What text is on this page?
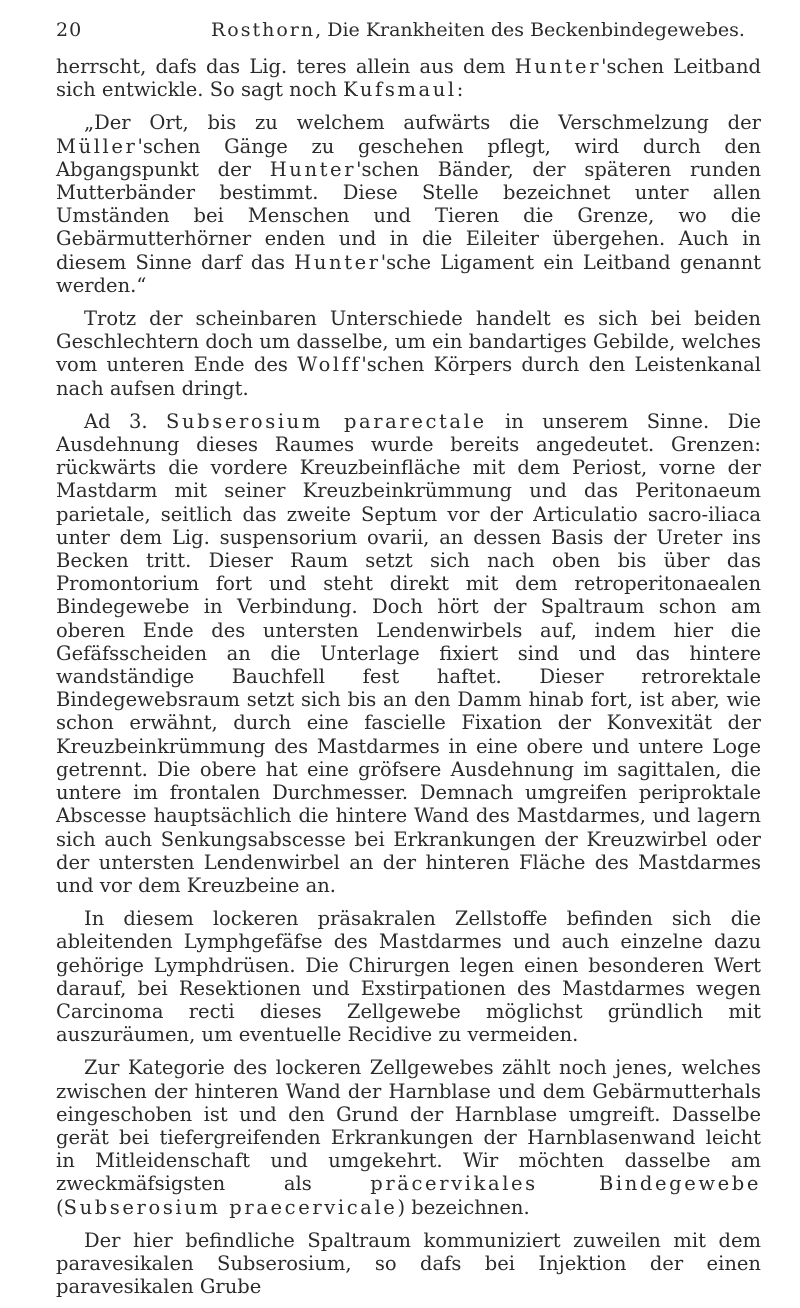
20	Rosthorn, Die Krankheiten des Beckenbindegewebes.

herrscht, dafs das Lig. teres allein aus dem Hunter'schen Leitband sich entwickle. So sagt noch Kufsmaul:

„Der Ort, bis zu welchem aufwärts die Verschmelzung der Müller'schen Gänge zu geschehen pflegt, wird durch den Abgangspunkt der Hunter'schen Bänder, der späteren runden Mutterbänder bestimmt. Diese Stelle bezeichnet unter allen Umständen bei Menschen und Tieren die Grenze, wo die Gebärmutterhörner enden und in die Eileiter übergehen. Auch in diesem Sinne darf das Hunter'sche Ligament ein Leitband genannt werden.“

Trotz der scheinbaren Unterschiede handelt es sich bei beiden Geschlechtern doch um dasselbe, um ein bandartiges Gebilde, welches vom unteren Ende des Wolff'schen Körpers durch den Leistenkanal nach aufsen dringt.

Ad 3. Subserosium pararectale in unserem Sinne. Die Ausdehnung dieses Raumes wurde bereits angedeutet. Grenzen: rückwärts die vordere Kreuzbeinfläche mit dem Periost, vorne der Mastdarm mit seiner Kreuzbeinkrümmung und das Peritonaeum parietale, seitlich das zweite Septum vor der Articulatio sacro-iliaca unter dem Lig. suspensorium ovarii, an dessen Basis der Ureter ins Becken tritt. Dieser Raum setzt sich nach oben bis über das Promontorium fort und steht direkt mit dem retroperitonaealen Bindegewebe in Verbindung. Doch hört der Spaltraum schon am oberen Ende des untersten Lendenwirbels auf, indem hier die Gefäfsscheiden an die Unterlage fixiert sind und das hintere wandständige Bauchfell fest haftet. Dieser retrorektale Bindegewebsraum setzt sich bis an den Damm hinab fort, ist aber, wie schon erwähnt, durch eine fascielle Fixation der Konvexität der Kreuzbeinkrümmung des Mastdarmes in eine obere und untere Loge getrennt. Die obere hat eine gröfsere Ausdehnung im sagittalen, die untere im frontalen Durchmesser. Demnach umgreifen periproktale Abscesse hauptsächlich die hintere Wand des Mastdarmes, und lagern sich auch Senkungsabscesse bei Erkrankungen der Kreuzwirbel oder der untersten Lendenwirbel an der hinteren Fläche des Mastdarmes und vor dem Kreuzbeine an.

In diesem lockeren präsakralen Zellstoffe befinden sich die ableitenden Lymphgefäfse des Mastdarmes und auch einzelne dazu gehörige Lymphdrüsen. Die Chirurgen legen einen besonderen Wert darauf, bei Resektionen und Exstirpationen des Mastdarmes wegen Carcinoma recti dieses Zellgewebe möglichst gründlich mit auszuräumen, um eventuelle Recidive zu vermeiden.

Zur Kategorie des lockeren Zellgewebes zählt noch jenes, welches zwischen der hinteren Wand der Harnblase und dem Gebärmutterhals eingeschoben ist und den Grund der Harnblase umgreift. Dasselbe gerät bei tiefergreifenden Erkrankungen der Harnblasenwand leicht in Mitleidenschaft und umgekehrt. Wir möchten dasselbe am zweckmäfsigsten als präcervikales Bindegewebe (Subserosium praecervicale) bezeichnen.

Der hier befindliche Spaltraum kommuniziert zuweilen mit dem paravesikalen Subserosium, so dafs bei Injektion der einen paravesikalen Grube
